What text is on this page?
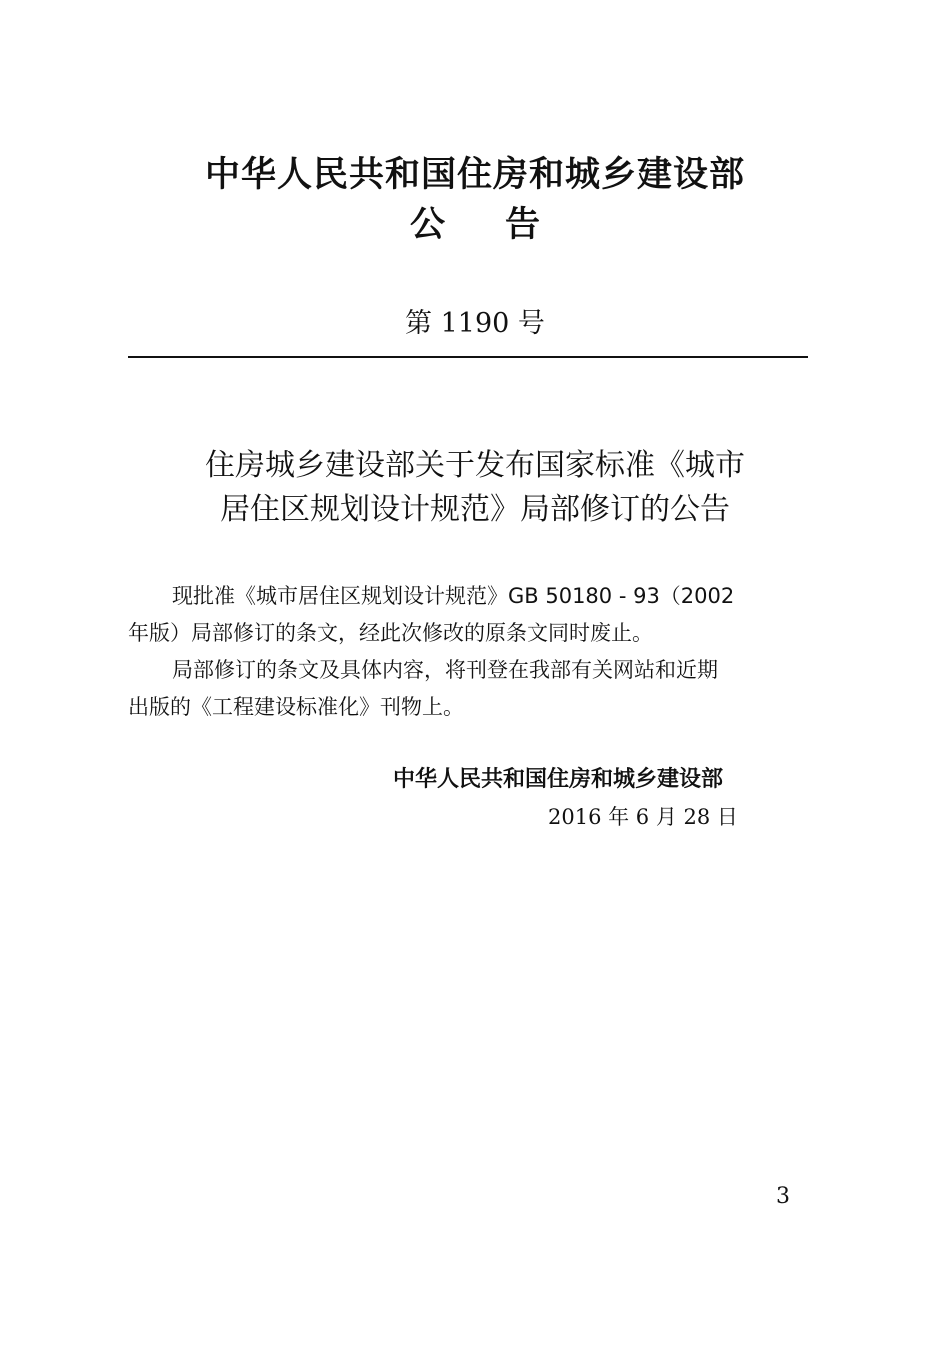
中华人民共和国住房和城乡建设部
公告
第 1190 号
住房城乡建设部关于发布国家标准《城市
居住区规划设计规范》局部修订的公告
现批准《城市居住区规划设计规范》GB 50180 - 93（2002
年版）局部修订的条文，经此次修改的原条文同时废止。
局部修订的条文及具体内容，将刊登在我部有关网站和近期
出版的《工程建设标准化》刊物上。
中华人民共和国住房和城乡建设部
2016 年 6 月 28 日
3
